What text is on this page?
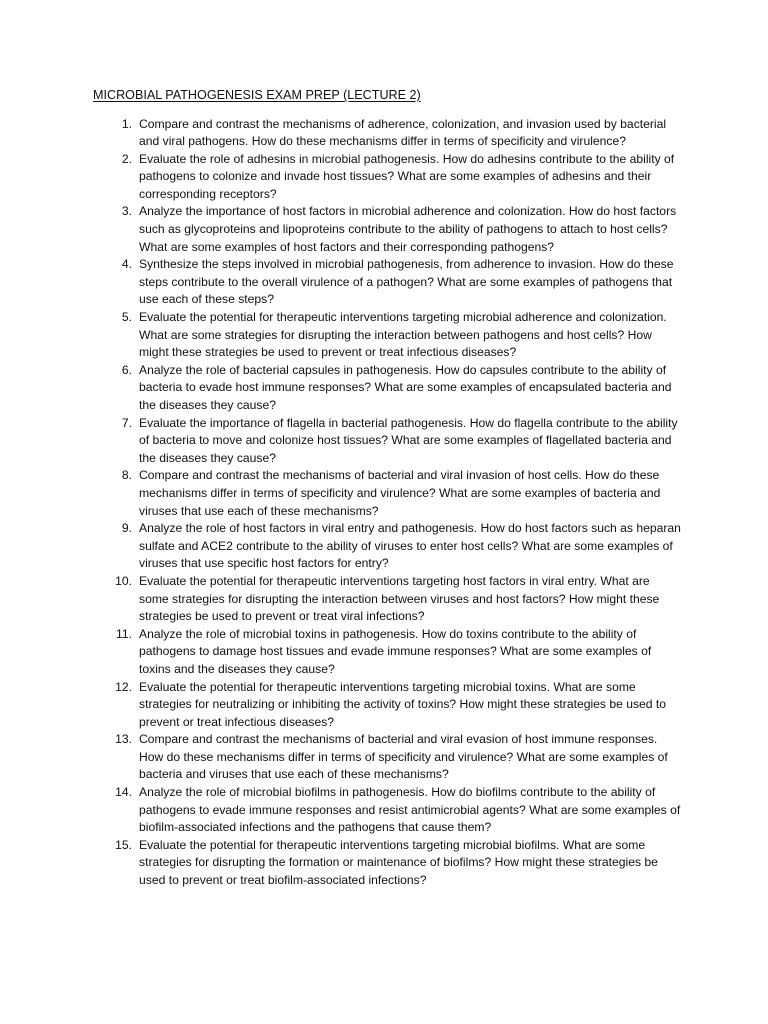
MICROBIAL PATHOGENESIS EXAM PREP (LECTURE 2)
1. Compare and contrast the mechanisms of adherence, colonization, and invasion used by bacterial and viral pathogens. How do these mechanisms differ in terms of specificity and virulence?
2. Evaluate the role of adhesins in microbial pathogenesis. How do adhesins contribute to the ability of pathogens to colonize and invade host tissues? What are some examples of adhesins and their corresponding receptors?
3. Analyze the importance of host factors in microbial adherence and colonization. How do host factors such as glycoproteins and lipoproteins contribute to the ability of pathogens to attach to host cells? What are some examples of host factors and their corresponding pathogens?
4. Synthesize the steps involved in microbial pathogenesis, from adherence to invasion. How do these steps contribute to the overall virulence of a pathogen? What are some examples of pathogens that use each of these steps?
5. Evaluate the potential for therapeutic interventions targeting microbial adherence and colonization. What are some strategies for disrupting the interaction between pathogens and host cells? How might these strategies be used to prevent or treat infectious diseases?
6. Analyze the role of bacterial capsules in pathogenesis. How do capsules contribute to the ability of bacteria to evade host immune responses? What are some examples of encapsulated bacteria and the diseases they cause?
7. Evaluate the importance of flagella in bacterial pathogenesis. How do flagella contribute to the ability of bacteria to move and colonize host tissues? What are some examples of flagellated bacteria and the diseases they cause?
8. Compare and contrast the mechanisms of bacterial and viral invasion of host cells. How do these mechanisms differ in terms of specificity and virulence? What are some examples of bacteria and viruses that use each of these mechanisms?
9. Analyze the role of host factors in viral entry and pathogenesis. How do host factors such as heparan sulfate and ACE2 contribute to the ability of viruses to enter host cells? What are some examples of viruses that use specific host factors for entry?
10. Evaluate the potential for therapeutic interventions targeting host factors in viral entry. What are some strategies for disrupting the interaction between viruses and host factors? How might these strategies be used to prevent or treat viral infections?
11. Analyze the role of microbial toxins in pathogenesis. How do toxins contribute to the ability of pathogens to damage host tissues and evade immune responses? What are some examples of toxins and the diseases they cause?
12. Evaluate the potential for therapeutic interventions targeting microbial toxins. What are some strategies for neutralizing or inhibiting the activity of toxins? How might these strategies be used to prevent or treat infectious diseases?
13. Compare and contrast the mechanisms of bacterial and viral evasion of host immune responses. How do these mechanisms differ in terms of specificity and virulence? What are some examples of bacteria and viruses that use each of these mechanisms?
14. Analyze the role of microbial biofilms in pathogenesis. How do biofilms contribute to the ability of pathogens to evade immune responses and resist antimicrobial agents? What are some examples of biofilm-associated infections and the pathogens that cause them?
15. Evaluate the potential for therapeutic interventions targeting microbial biofilms. What are some strategies for disrupting the formation or maintenance of biofilms? How might these strategies be used to prevent or treat biofilm-associated infections?
